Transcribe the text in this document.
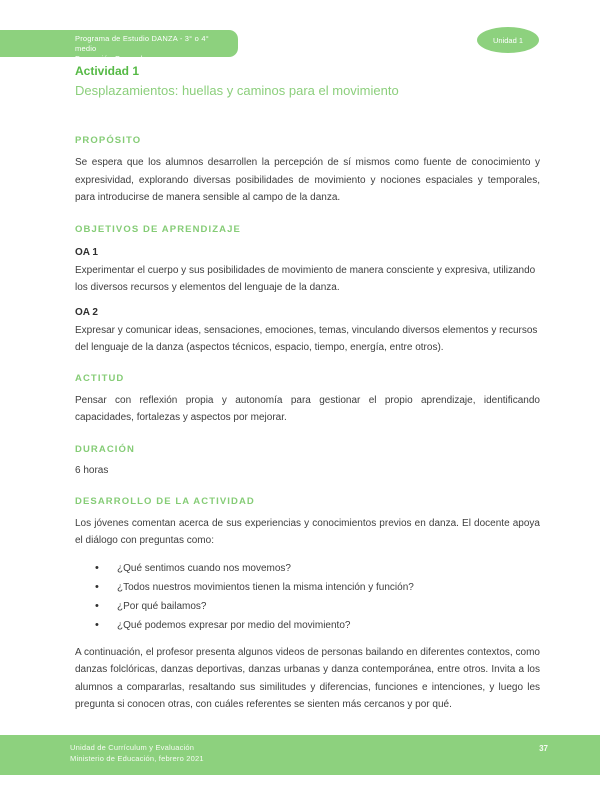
Programa de Estudio DANZA - 3° o 4° medio
Formación General
Unidad 1
Actividad 1
Desplazamientos: huellas y caminos para el movimiento
PROPÓSITO

Se espera que los alumnos desarrollen la percepción de sí mismos como fuente de conocimiento y expresividad, explorando diversas posibilidades de movimiento y nociones espaciales y temporales, para introducirse de manera sensible al campo de la danza.

OBJETIVOS DE APRENDIZAJE
OA 1

Experimentar el cuerpo y sus posibilidades de movimiento de manera consciente y expresiva, utilizando los diversos recursos y elementos del lenguaje de la danza.

OA 2

Expresar y comunicar ideas, sensaciones, emociones, temas, vinculando diversos elementos y recursos del lenguaje de la danza (aspectos técnicos, espacio, tiempo, energía, entre otros).

ACTITUD

Pensar con reflexión propia y autonomía para gestionar el propio aprendizaje, identificando capacidades, fortalezas y aspectos por mejorar.

DURACIÓN
6 horas
DESARROLLO DE LA ACTIVIDAD

Los jóvenes comentan acerca de sus experiencias y conocimientos previos en danza. El docente apoya el diálogo con preguntas como:

• ¿Qué sentimos cuando nos movemos?
• ¿Todos nuestros movimientos tienen la misma intención y función?
• ¿Por qué bailamos?
• ¿Qué podemos expresar por medio del movimiento?

A continuación, el profesor presenta algunos videos de personas bailando en diferentes contextos, como danzas folclóricas, danzas deportivas, danzas urbanas y danza contemporánea, entre otros. Invita a los alumnos a compararlas, resaltando sus similitudes y diferencias, funciones e intenciones, y luego les pregunta si conocen otras, con cuáles referentes se sienten más cercanos y por qué.

Unidad de Currículum y Evaluación
Ministerio de Educación, febrero 2021
37
